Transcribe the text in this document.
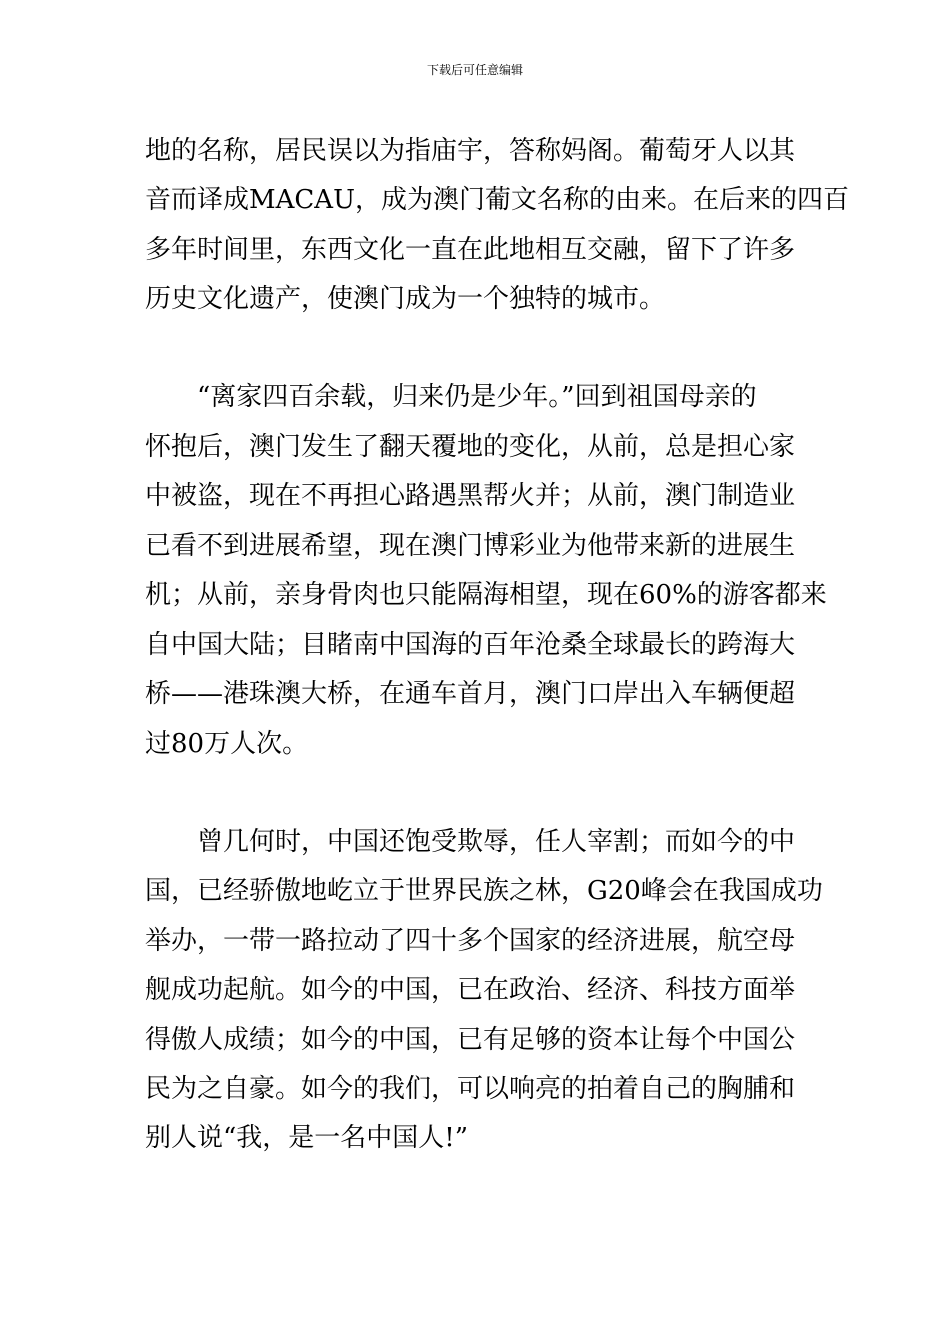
下载后可任意编辑
地的名称，居民误以为指庙宇，答称妈阁。葡萄牙人以其
音而译成MACAU，成为澳门葡文名称的由来。在后来的四百
多年时间里，东西文化一直在此地相互交融，留下了许多
历史文化遗产，使澳门成为一个独特的城市。
“离家四百余载，归来仍是少年。”回到祖国母亲的
怀抱后，澳门发生了翻天覆地的变化，从前，总是担心家
中被盗，现在不再担心路遇黑帮火并；从前，澳门制造业
已看不到进展希望，现在澳门博彩业为他带来新的进展生
机；从前，亲身骨肉也只能隔海相望，现在60%的游客都来
自中国大陆；目睹南中国海的百年沧桑全球最长的跨海大
桥——港珠澳大桥，在通车首月，澳门口岸出入车辆便超
过80万人次。
曾几何时，中国还饱受欺辱，任人宰割；而如今的中
国，已经骄傲地屹立于世界民族之林，G20峰会在我国成功
举办，一带一路拉动了四十多个国家的经济进展，航空母
舰成功起航。如今的中国，已在政治、经济、科技方面举
得傲人成绩；如今的中国，已有足够的资本让每个中国公
民为之自豪。如今的我们，可以响亮的拍着自己的胸脯和
别人说“我，是一名中国人!”
